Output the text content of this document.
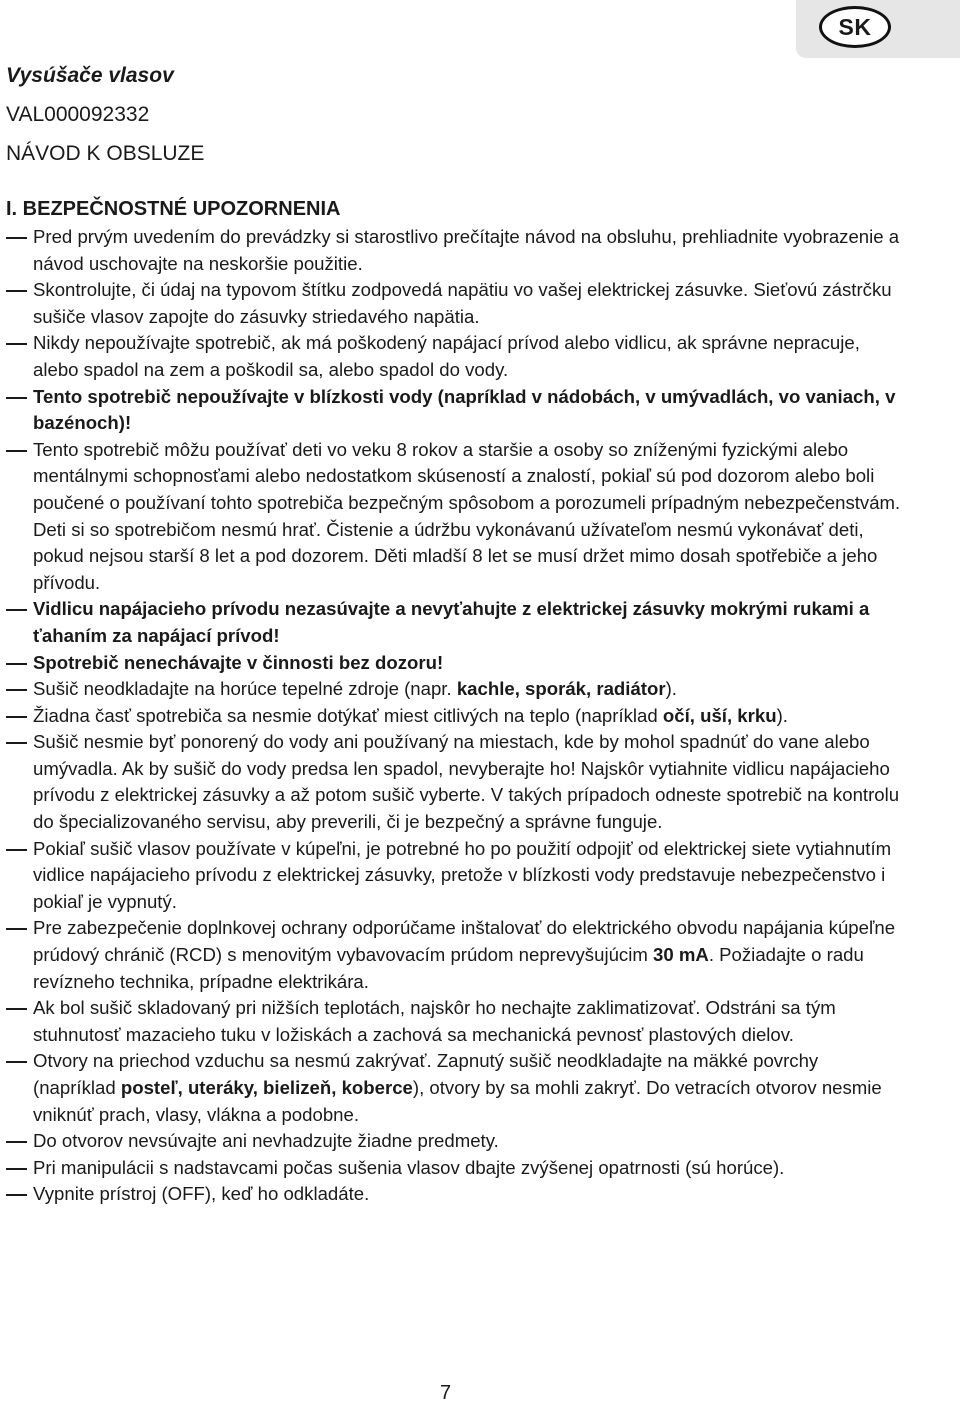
SK
Vysúšače vlasov
VAL000092332
NÁVOD K OBSLUZE
I. BEZPEČNOSTNÉ UPOZORNENIA
Pred prvým uvedením do prevádzky si starostlivo prečítajte návod na obsluhu, prehliadnite vyobrazenie a návod uschovajte na neskoršie použitie.
Skontrolujte, či údaj na typovom štítku zodpovedá napätiu vo vašej elektrickej zásuvke. Sieťovú zástrčku sušiče vlasov zapojte do zásuvky striedavého napätia.
Nikdy nepoužívajte spotrebič, ak má poškodený napájací prívod alebo vidlicu, ak správne nepracuje, alebo spadol na zem a poškodil sa, alebo spadol do vody.
Tento spotrebič nepoužívajte v blízkosti vody (napríklad v nádobách, v umývadlách, vo vaniach, v bazénoch)!
Tento spotrebič môžu používať deti vo veku 8 rokov a staršie a osoby so zníženými fyzickými alebo mentálnymi schopnosťami alebo nedostatkom skúseností a znalostí, pokiaľ sú pod dozorom alebo boli poučené o používaní tohto spotrebiča bezpečným spôsobom a porozumeli prípadným nebezpečenstvám. Deti si so spotrebičom nesmú hrať. Čistenie a údržbu vykonávanú užívateľom nesmú vykonávať deti, pokud nejsou starší 8 let a pod dozorem. Děti mladší 8 let se musí držet mimo dosah spotřebiče a jeho přívodu.
Vidlicu napájacieho prívodu nezasúvajte a nevyťahujte z elektrickej zásuvky mokrými rukami a ťahaním za napájací prívod!
Spotrebič nenechávajte v činnosti bez dozoru!
Sušič neodkladajte na horúce tepelné zdroje (napr. kachle, sporák, radiátor).
Žiadna časť spotrebiča sa nesmie dotýkať miest citlivých na teplo (napríklad očí, uší, krku).
Sušič nesmie byť ponorený do vody ani používaný na miestach, kde by mohol spadnúť do vane alebo umývadla. Ak by sušič do vody predsa len spadol, nevyberajte ho! Najskôr vytiahnite vidlicu napájacieho prívodu z elektrickej zásuvky a až potom sušič vyberte. V takých prípadoch odneste spotrebič na kontrolu do špecializovaného servisu, aby preverili, či je bezpečný a správne funguje.
Pokiaľ sušič vlasov používate v kúpeľni, je potrebné ho po použití odpojiť od elektrickej siete vytiahnutím vidlice napájacieho prívodu z elektrickej zásuvky, pretože v blízkosti vody predstavuje nebezpečenstvo i pokiaľ je vypnutý.
Pre zabezpečenie doplnkovej ochrany odporúčame inštalovať do elektrického obvodu napájania kúpeľne prúdový chránič (RCD) s menovitým vybavovacím prúdom neprevyšujúcim 30 mA. Požiadajte o radu revízneho technika, prípadne elektrikára.
Ak bol sušič skladovaný pri nižších teplotách, najskôr ho nechajte zaklimatizovať. Odstráni sa tým stuhnutosť mazacieho tuku v ložiskách a zachová sa mechanická pevnosť plastových dielov.
Otvory na priechod vzduchu sa nesmú zakrývať. Zapnutý sušič neodkladajte na mäkké povrchy (napríklad posteľ, uteráky, bielizeň, koberce), otvory by sa mohli zakryť. Do vetracích otvorov nesmie vniknúť prach, vlasy, vlákna a podobne.
Do otvorov nevsúvajte ani nevhadzujte žiadne predmety.
Pri manipulácii s nadstavcami počas sušenia vlasov dbajte zvýšenej opatrnosti (sú horúce).
Vypnite prístroj (OFF), keď ho odkladáte.
7
